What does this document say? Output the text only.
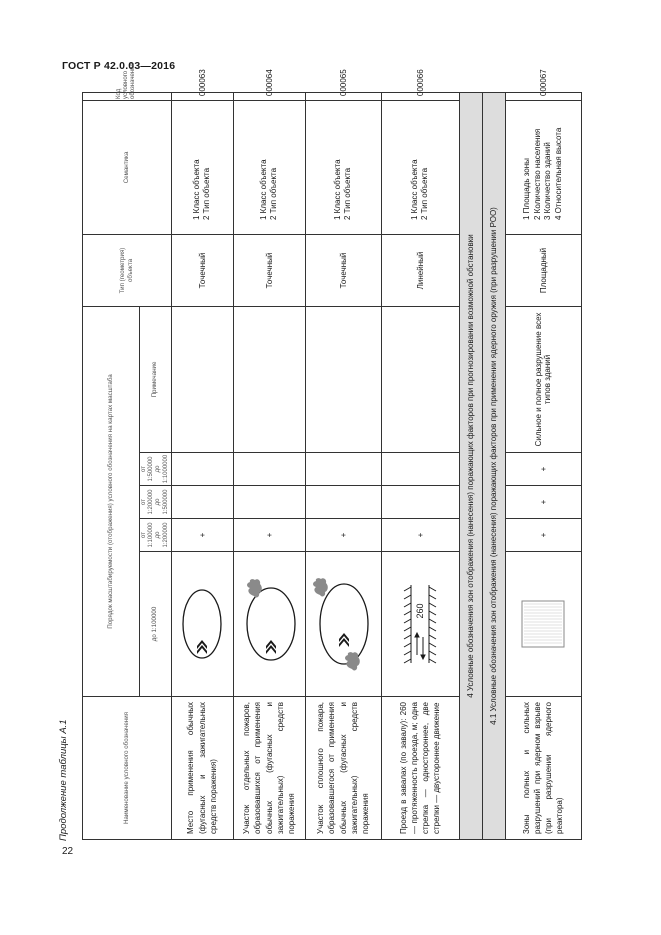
ГОСТ Р 42.0.03—2016
Продолжение таблицы А.1
22
Наименование условного обозначения	Порядок масштабируемости (отображения) условного обозначения на картах масштаба					Тип (геометрия) объекта	Семантика	Код условного обозначения
	до 1:100000	от 1:100000 до 1:200000	от 1:200000 до 1:500000	от 1:500000 до 1:1000000	Примечание			
Место применения обычных (фугасных и зажигательных средств поражения)		+				Точечный	1 Класс объекта 2 Тип объекта	000063
Участок отдельных пожаров, образовавшихся от применения обычных (фугасных и зажигательных) средств поражения		+				Точечный	1 Класс объекта 2 Тип объекта	000064
Участок сплошного пожара, образовавшегося от применения обычных (фугасных и зажигательных) средств поражения		+				Точечный	1 Класс объекта 2 Тип объекта	000065
Проезд в завалах (по завалу): 260 — протяженность проезда, м; одна стрелка — одностороннее, две стрелки — двустороннее движение	260	+				Линейный	1 Класс объекта 2 Тип объекта	000066
4 Условные обозначения зон отображения (нанесения) поражающих факторов при прогнозировании возможной обстановки								
4.1 Условные обозначения зон отображения (нанесения) поражающих факторов при применении ядерного оружия (при разрушении РОО)								
Зоны полных и сильных разрушений при ядерном взрыве (при разрушении ядерного реактора)		+	+	+	Сильное и полное разрушение всех типов зданий	Площадный	1 Площадь зоны 2 Количество населения 3 Количество зданий 4 Относительная высота	000067
